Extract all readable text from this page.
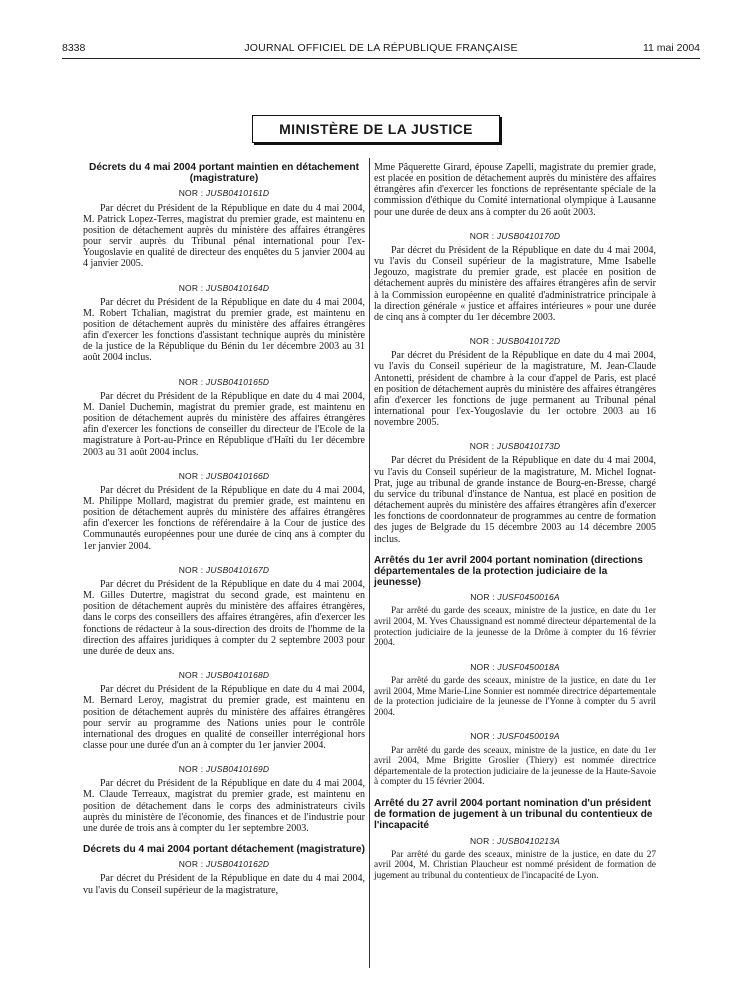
8338	JOURNAL OFFICIEL DE LA RÉPUBLIQUE FRANÇAISE	11 mai 2004
MINISTÈRE DE LA JUSTICE

Décrets du 4 mai 2004 portant maintien en détachement (magistrature)

NOR : JUSB0410161D

Par décret du Président de la République en date du 4 mai 2004, M. Patrick Lopez-Terres, magistrat du premier grade, est maintenu en position de détachement auprès du ministère des affaires étrangères pour servir auprès du Tribunal pénal international pour l'ex-Yougoslavie en qualité de directeur des enquêtes du 5 janvier 2004 au 4 janvier 2005.

NOR : JUSB0410164D

Par décret du Président de la République en date du 4 mai 2004, M. Robert Tchalian, magistrat du premier grade, est maintenu en position de détachement auprès du ministère des affaires étrangères afin d'exercer les fonctions d'assistant technique auprès du ministère de la justice de la République du Bénin du 1er décembre 2003 au 31 août 2004 inclus.

NOR : JUSB0410165D

Par décret du Président de la République en date du 4 mai 2004, M. Daniel Duchemin, magistrat du premier grade, est maintenu en position de détachement auprès du ministère des affaires étrangères afin d'exercer les fonctions de conseiller du directeur de l'Ecole de la magistrature à Port-au-Prince en République d'Haïti du 1er décembre 2003 au 31 août 2004 inclus.

NOR : JUSB0410166D

Par décret du Président de la République en date du 4 mai 2004, M. Philippe Mollard, magistrat du premier grade, est maintenu en position de détachement auprès du ministère des affaires étrangères afin d'exercer les fonctions de référendaire à la Cour de justice des Communautés européennes pour une durée de cinq ans à compter du 1er janvier 2004.

NOR : JUSB0410167D

Par décret du Président de la République en date du 4 mai 2004, M. Gilles Dutertre, magistrat du second grade, est maintenu en position de détachement auprès du ministère des affaires étrangères, dans le corps des conseillers des affaires étrangères, afin d'exercer les fonctions de rédacteur à la sous-direction des droits de l'homme de la direction des affaires juridiques à compter du 2 septembre 2003 pour une durée de deux ans.

NOR : JUSB0410168D

Par décret du Président de la République en date du 4 mai 2004, M. Bernard Leroy, magistrat du premier grade, est maintenu en position de détachement auprès du ministère des affaires étrangères pour servir au programme des Nations unies pour le contrôle international des drogues en qualité de conseiller interrégional hors classe pour une durée d'un an à compter du 1er janvier 2004.

NOR : JUSB0410169D

Par décret du Président de la République en date du 4 mai 2004, M. Claude Terreaux, magistrat du premier grade, est maintenu en position de détachement dans le corps des administrateurs civils auprès du ministère de l'économie, des finances et de l'industrie pour une durée de trois ans à compter du 1er septembre 2003.

Décrets du 4 mai 2004 portant détachement (magistrature)

NOR : JUSB0410162D

Par décret du Président de la République en date du 4 mai 2004, vu l'avis du Conseil supérieur de la magistrature,

Mme Pâquerette Girard, épouse Zapelli, magistrate du premier grade, est placée en position de détachement auprès du ministère des affaires étrangères afin d'exercer les fonctions de représentante spéciale de la commission d'éthique du Comité international olympique à Lausanne pour une durée de deux ans à compter du 26 août 2003.

NOR : JUSB0410170D

Par décret du Président de la République en date du 4 mai 2004, vu l'avis du Conseil supérieur de la magistrature, Mme Isabelle Jegouzo, magistrate du premier grade, est placée en position de détachement auprès du ministère des affaires étrangères afin de servir à la Commission européenne en qualité d'administratrice principale à la direction générale « justice et affaires intérieures » pour une durée de cinq ans à compter du 1er décembre 2003.

NOR : JUSB0410172D

Par décret du Président de la République en date du 4 mai 2004, vu l'avis du Conseil supérieur de la magistrature, M. Jean-Claude Antonetti, président de chambre à la cour d'appel de Paris, est placé en position de détachement auprès du ministère des affaires étrangères afin d'exercer les fonctions de juge permanent au Tribunal pénal international pour l'ex-Yougoslavie du 1er octobre 2003 au 16 novembre 2005.

NOR : JUSB0410173D

Par décret du Président de la République en date du 4 mai 2004, vu l'avis du Conseil supérieur de la magistrature, M. Michel Iognat-Prat, juge au tribunal de grande instance de Bourg-en-Bresse, chargé du service du tribunal d'instance de Nantua, est placé en position de détachement auprès du ministère des affaires étrangères afin d'exercer les fonctions de coordonnateur de programmes au centre de formation des juges de Belgrade du 15 décembre 2003 au 14 décembre 2005 inclus.

Arrêtés du 1er avril 2004 portant nomination (directions départementales de la protection judiciaire de la jeunesse)

NOR : JUSF0450016A

Par arrêté du garde des sceaux, ministre de la justice, en date du 1er avril 2004, M. Yves Chaussignand est nommé directeur départemental de la protection judiciaire de la jeunesse de la Drôme à compter du 16 février 2004.

NOR : JUSF0450018A

Par arrêté du garde des sceaux, ministre de la justice, en date du 1er avril 2004, Mme Marie-Line Sonnier est nommée directrice départementale de la protection judiciaire de la jeunesse de l'Yonne à compter du 5 avril 2004.

NOR : JUSF0450019A

Par arrêté du garde des sceaux, ministre de la justice, en date du 1er avril 2004, Mme Brigitte Groslier (Thiery) est nommée directrice départementale de la protection judiciaire de la jeunesse de la Haute-Savoie à compter du 15 février 2004.

Arrêté du 27 avril 2004 portant nomination d'un président de formation de jugement à un tribunal du contentieux de l'incapacité

NOR : JUSB0410213A

Par arrêté du garde des sceaux, ministre de la justice, en date du 27 avril 2004, M. Christian Plaucheur est nommé président de formation de jugement au tribunal du contentieux de l'incapacité de Lyon.
